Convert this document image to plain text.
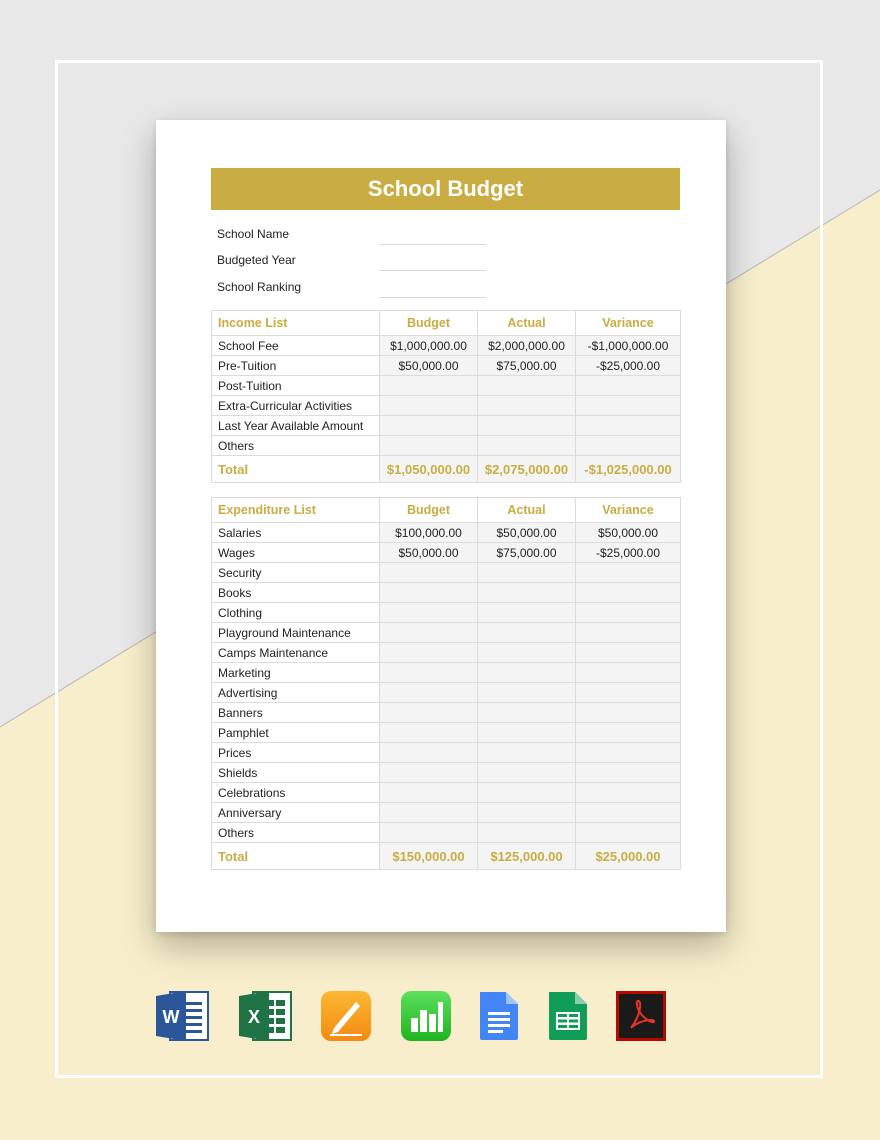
School Budget
School Name
Budgeted Year
School Ranking
Income List	Budget	Actual	Variance
School Fee	$1,000,000.00	$2,000,000.00	-$1,000,000.00
Pre-Tuition	$50,000.00	$75,000.00	-$25,000.00
Post-Tuition			
Extra-Curricular Activities			
Last Year Available Amount			
Others			
Total	$1,050,000.00	$2,075,000.00	-$1,025,000.00
Expenditure List	Budget	Actual	Variance
Salaries	$100,000.00	$50,000.00	$50,000.00
Wages	$50,000.00	$75,000.00	-$25,000.00
Security			
Books			
Clothing			
Playground Maintenance			
Camps Maintenance			
Marketing			
Advertising			
Banners			
Pamphlet			
Prices			
Shields			
Celebrations			
Anniversary			
Others			
Total	$150,000.00	$125,000.00	$25,000.00
W	X
